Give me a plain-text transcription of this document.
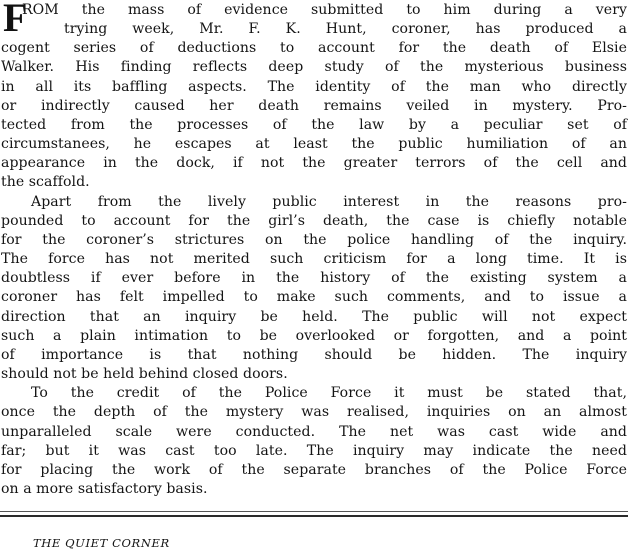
F
ROM the mass of evidence submitted to him during a very
trying week, Mr. F. K. Hunt, coroner, has produced a
cogent series of deductions to account for the death of Elsie
Walker. His finding reflects deep study of the mysterious business
in all its baffling aspects. The identity of the man who directly
or indirectly caused her death remains veiled in mystery. Pro-
tected from the processes of the law by a peculiar set of
circumstanees, he escapes at least the public humiliation of an
appearance in the dock, if not the greater terrors of the cell and
the scaffold.
Apart from the lively public interest in the reasons pro-
pounded to account for the girl’s death, the case is chiefly notable
for the coroner’s strictures on the police handling of the inquiry.
The force has not merited such criticism for a long time. It is
doubtless if ever before in the history of the existing system a
coroner has felt impelled to make such comments, and to issue a
direction that an inquiry be held. The public will not expect
such a plain intimation to be overlooked or forgotten, and a point
of importance is that nothing should be hidden. The inquiry
should not be held behind closed doors.
To the credit of the Police Force it must be stated that,
once the depth of the mystery was realised, inquiries on an almost
unparalleled scale were conducted. The net was cast wide and
far; but it was cast too late. The inquiry may indicate the need
for placing the work of the separate branches of the Police Force
on a more satisfactory basis.
THE QUIET CORNER
